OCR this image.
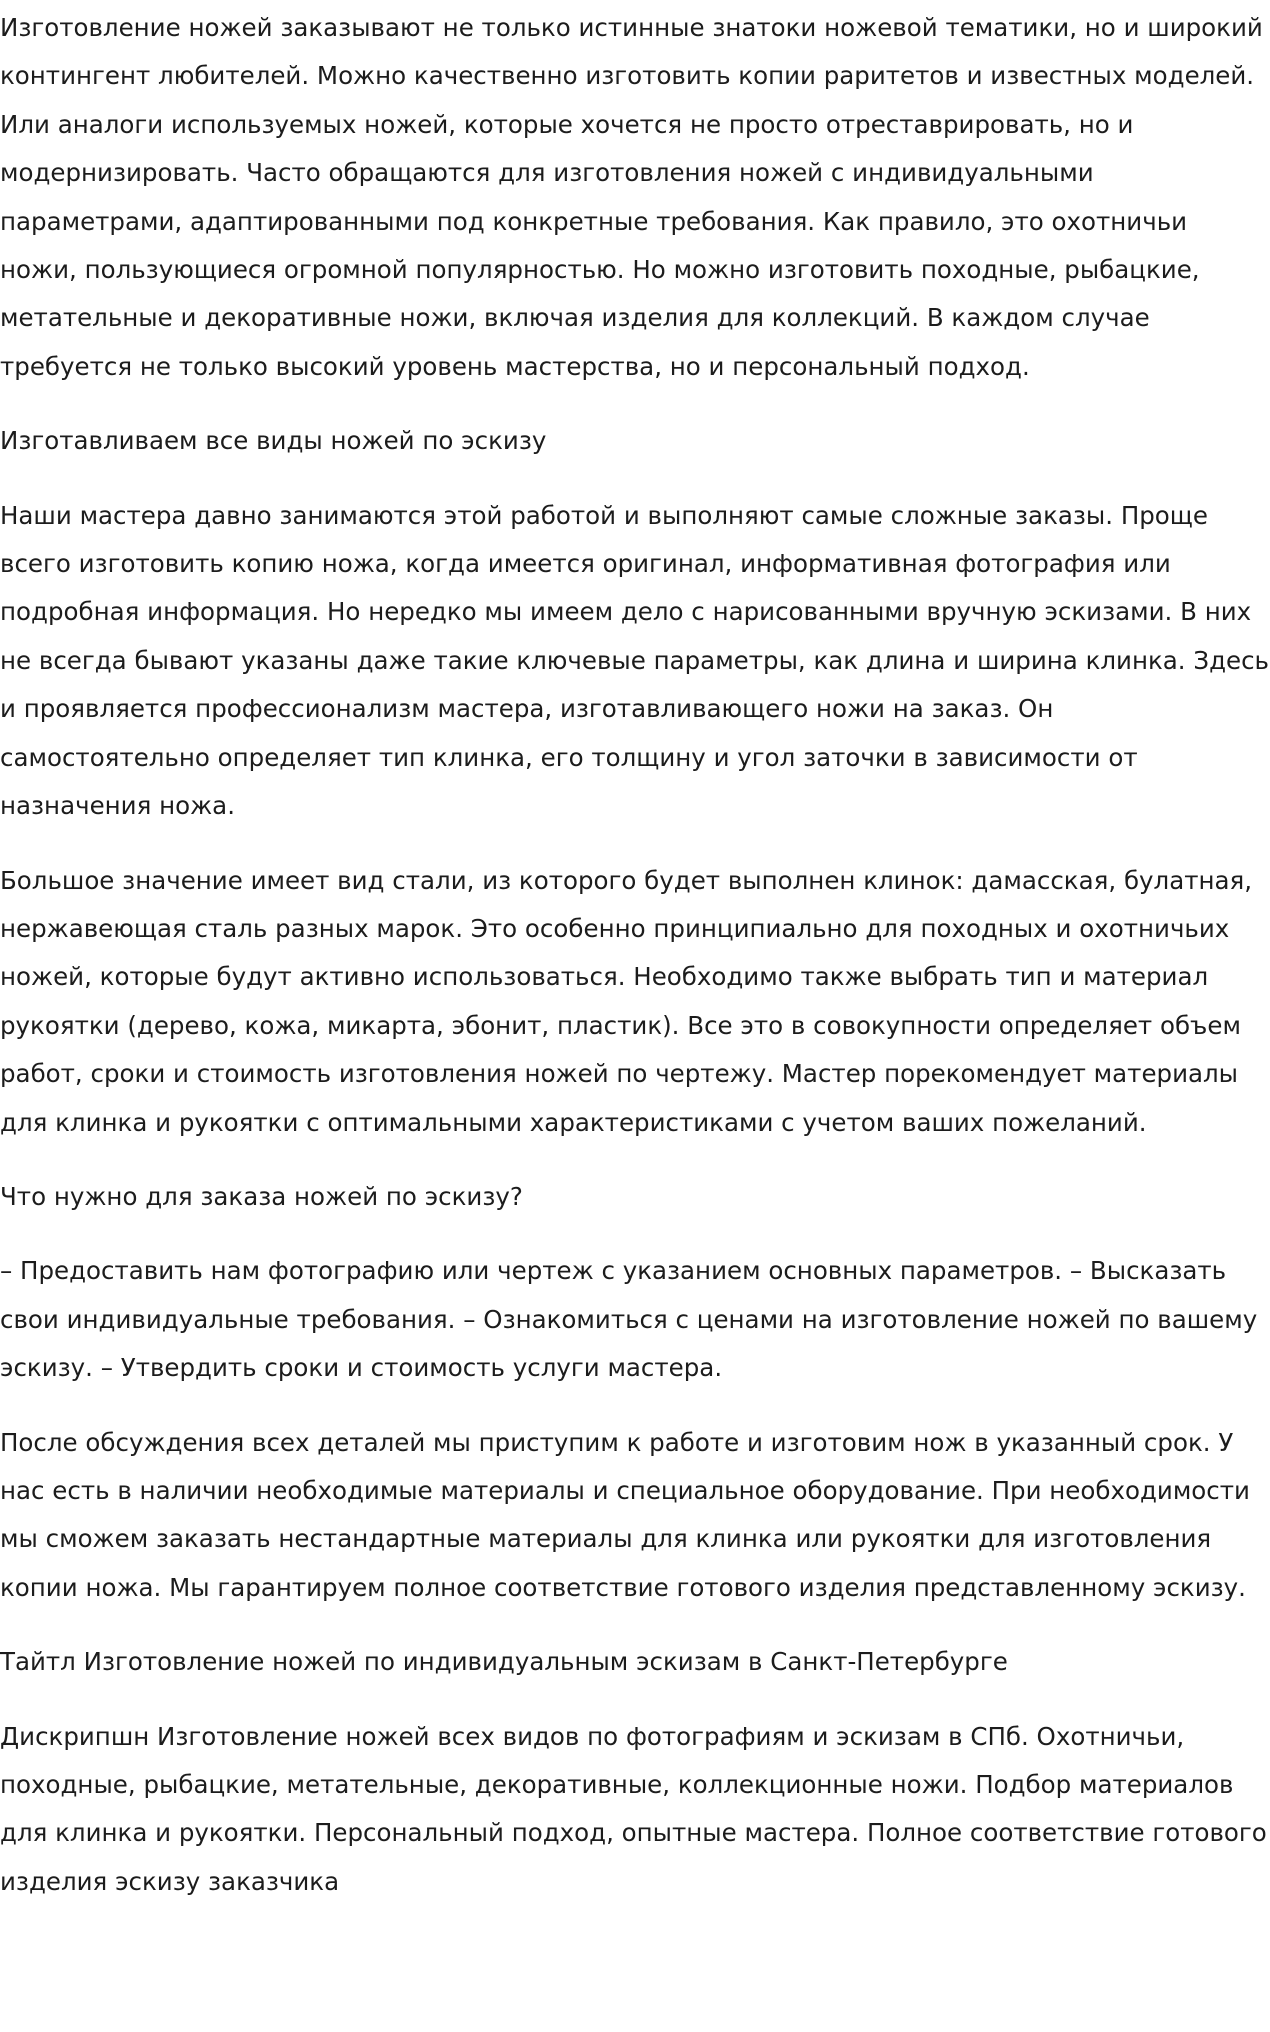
Изготовление ножей заказывают не только истинные знатоки ножевой тематики, но и широкий контингент любителей. Можно качественно изготовить копии раритетов и известных моделей. Или аналоги используемых ножей, которые хочется не просто отреставрировать, но и модернизировать. Часто обращаются для изготовления ножей с индивидуальными параметрами, адаптированными под конкретные требования. Как правило, это охотничьи ножи, пользующиеся огромной популярностью. Но можно изготовить походные, рыбацкие, метательные и декоративные ножи, включая изделия для коллекций. В каждом случае требуется не только высокий уровень мастерства, но и персональный подход.

Изготавливаем все виды ножей по эскизу

Наши мастера давно занимаются этой работой и выполняют самые сложные заказы. Проще всего изготовить копию ножа, когда имеется оригинал, информативная фотография или подробная информация. Но нередко мы имеем дело с нарисованными вручную эскизами. В них не всегда бывают указаны даже такие ключевые параметры, как длина и ширина клинка. Здесь и проявляется профессионализм мастера, изготавливающего ножи на заказ. Он самостоятельно определяет тип клинка, его толщину и угол заточки в зависимости от назначения ножа.

Большое значение имеет вид стали, из которого будет выполнен клинок: дамасская, булатная, нержавеющая сталь разных марок. Это особенно принципиально для походных и охотничьих ножей, которые будут активно использоваться. Необходимо также выбрать тип и материал рукоятки (дерево, кожа, микарта, эбонит, пластик). Все это в совокупности определяет объем работ, сроки и стоимость изготовления ножей по чертежу. Мастер порекомендует материалы для клинка и рукоятки с оптимальными характеристиками с учетом ваших пожеланий.

Что нужно для заказа ножей по эскизу?

– Предоставить нам фотографию или чертеж с указанием основных параметров. – Высказать свои индивидуальные требования. – Ознакомиться с ценами на изготовление ножей по вашему эскизу. – Утвердить сроки и стоимость услуги мастера.

После обсуждения всех деталей мы приступим к работе и изготовим нож в указанный срок. У нас есть в наличии необходимые материалы и специальное оборудование. При необходимости мы сможем заказать нестандартные материалы для клинка или рукоятки для изготовления копии ножа. Мы гарантируем полное соответствие готового изделия представленному эскизу.

Тайтл Изготовление ножей по индивидуальным эскизам в Санкт-Петербурге

Дискрипшн Изготовление ножей всех видов по фотографиям и эскизам в СПб. Охотничьи, походные, рыбацкие, метательные, декоративные, коллекционные ножи. Подбор материалов для клинка и рукоятки. Персональный подход, опытные мастера. Полное соответствие готового изделия эскизу заказчика
